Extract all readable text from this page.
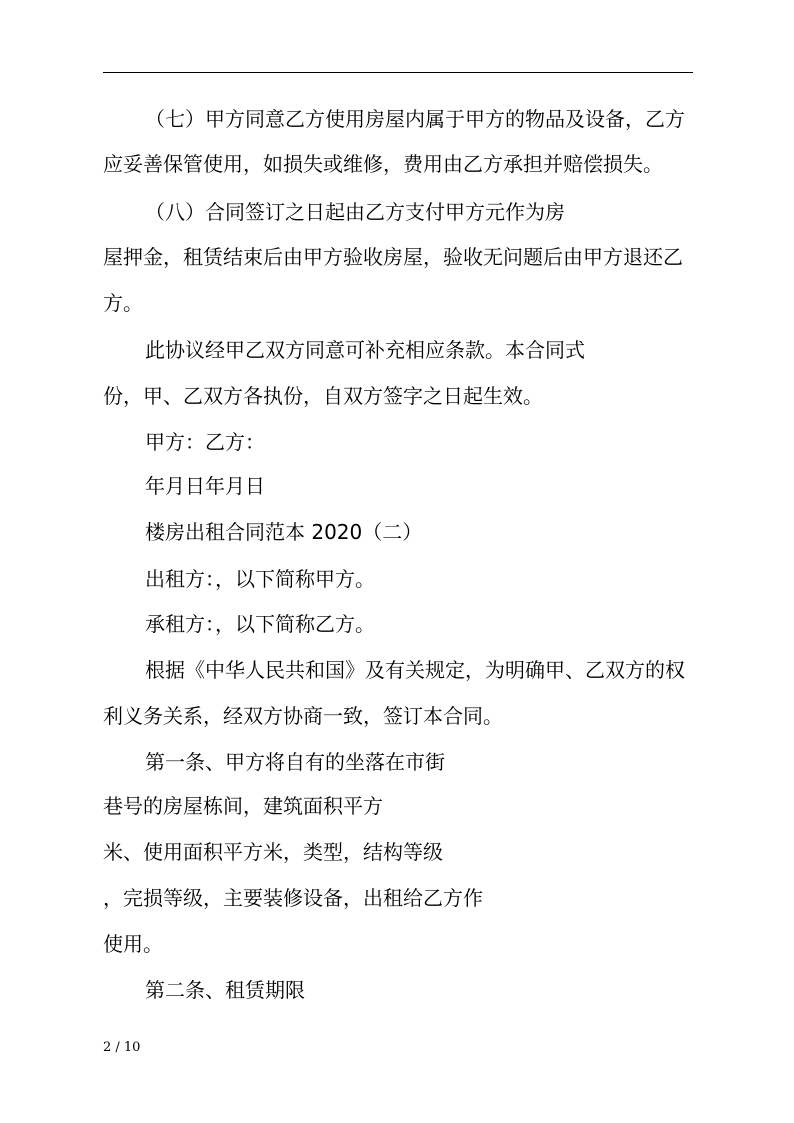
（七）甲方同意乙方使用房屋内属于甲方的物品及设备，乙方
应妥善保管使用，如损失或维修，费用由乙方承担并赔偿损失。
（八）合同签订之日起由乙方支付甲方元作为房
屋押金，租赁结束后由甲方验收房屋，验收无问题后由甲方退还乙
方。
此协议经甲乙双方同意可补充相应条款。本合同式
份，甲、乙双方各执份，自双方签字之日起生效。
甲方：乙方：
年月日年月日
楼房出租合同范本 2020（二）
出租方：，以下简称甲方。
承租方：，以下简称乙方。
根据《中华人民共和国》及有关规定，为明确甲、乙双方的权
利义务关系，经双方协商一致，签订本合同。
第一条、甲方将自有的坐落在市街
巷号的房屋栋间，建筑面积平方
米、使用面积平方米，类型，结构等级
，完损等级，主要装修设备，出租给乙方作
使用。
第二条、租赁期限
2 / 10
